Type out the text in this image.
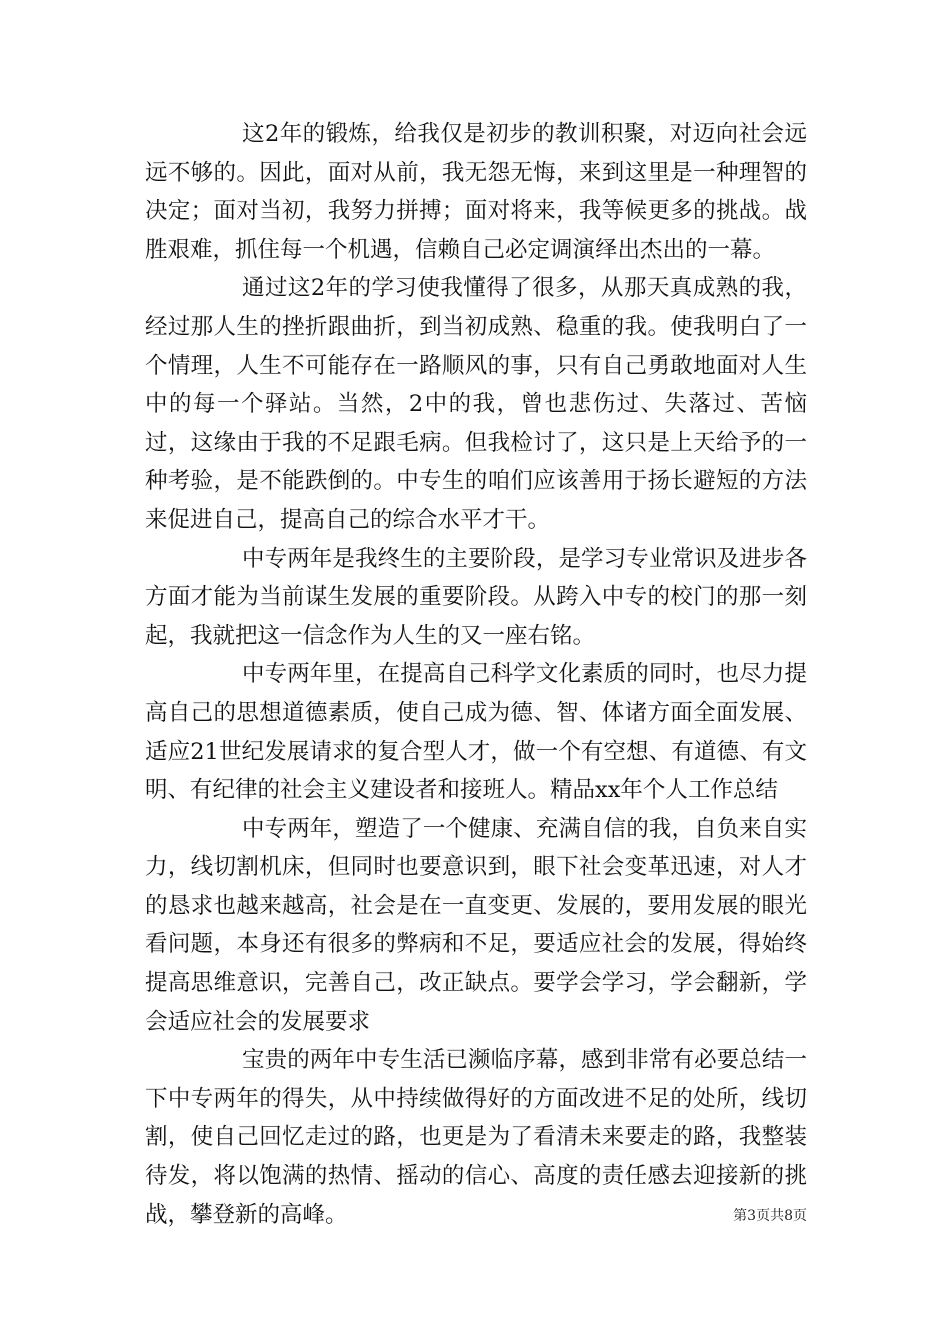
这2年的锻炼，给我仅是初步的教训积聚，对迈向社会远远不够的。因此，面对从前，我无怨无悔，来到这里是一种理智的决定；面对当初，我努力拼搏；面对将来，我等候更多的挑战。战胜艰难，抓住每一个机遇，信赖自己必定调演绎出杰出的一幕。

通过这2年的学习使我懂得了很多，从那天真成熟的我，经过那人生的挫折跟曲折，到当初成熟、稳重的我。使我明白了一个情理，人生不可能存在一路顺风的事，只有自己勇敢地面对人生中的每一个驿站。当然，2中的我，曾也悲伤过、失落过、苦恼过，这缘由于我的不足跟毛病。但我检讨了，这只是上天给予的一种考验，是不能跌倒的。中专生的咱们应该善用于扬长避短的方法来促进自己，提高自己的综合水平才干。

中专两年是我终生的主要阶段，是学习专业常识及进步各方面才能为当前谋生发展的重要阶段。从跨入中专的校门的那一刻起，我就把这一信念作为人生的又一座右铭。

中专两年里，在提高自己科学文化素质的同时，也尽力提高自己的思想道德素质，使自己成为德、智、体诸方面全面发展、适应21世纪发展请求的复合型人才，做一个有空想、有道德、有文明、有纪律的社会主义建设者和接班人。精品xx年个人工作总结

中专两年，塑造了一个健康、充满自信的我，自负来自实力，线切割机床，但同时也要意识到，眼下社会变革迅速，对人才的恳求也越来越高，社会是在一直变更、发展的，要用发展的眼光看问题，本身还有很多的弊病和不足，要适应社会的发展，得始终提高思维意识，完善自己，改正缺点。要学会学习，学会翻新，学会适应社会的发展要求

宝贵的两年中专生活已濒临序幕，感到非常有必要总结一下中专两年的得失，从中持续做得好的方面改进不足的处所，线切割，使自己回忆走过的路，也更是为了看清未来要走的路，我整装待发，将以饱满的热情、摇动的信心、高度的责任感去迎接新的挑战，攀登新的高峰。	第3页共8页
